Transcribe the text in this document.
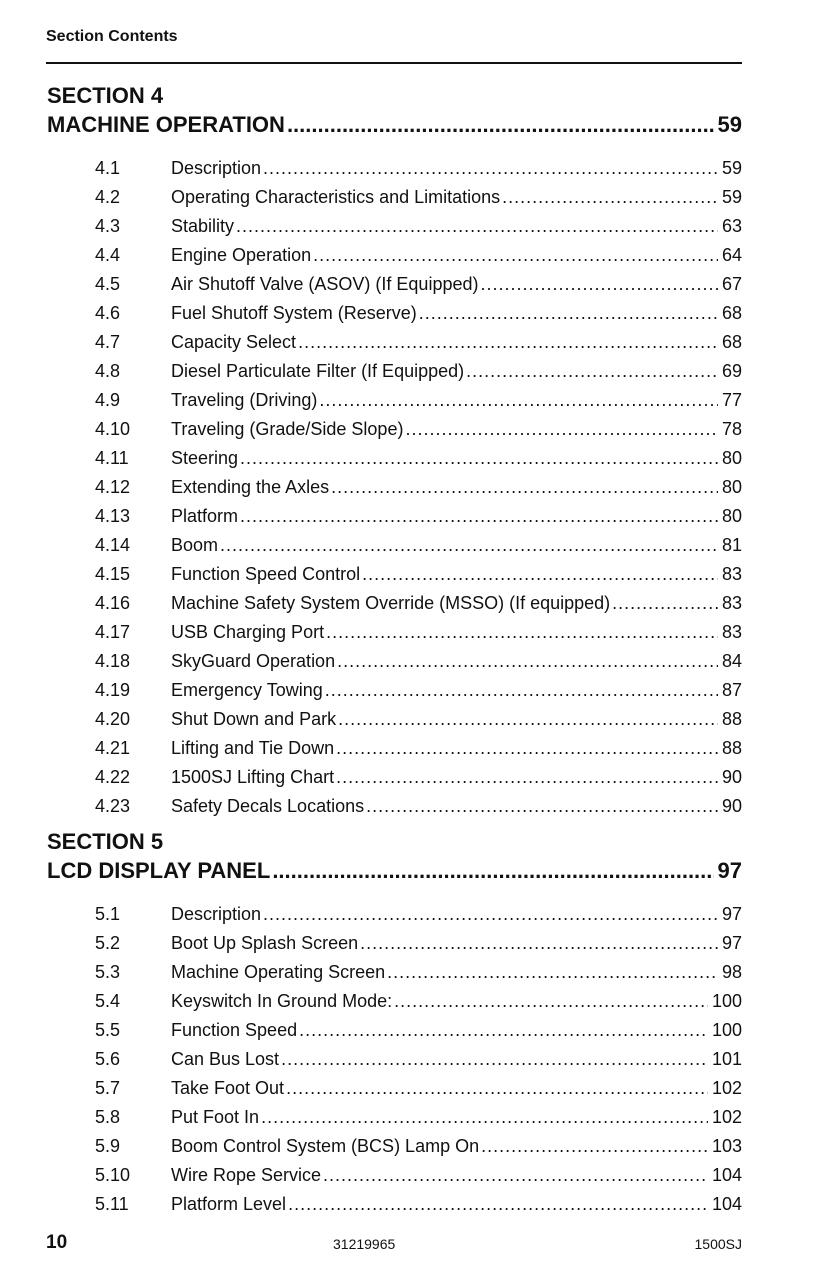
Section Contents
SECTION 4
MACHINE OPERATION .....	59
4.1	Description .....	59
4.2	Operating Characteristics and Limitations .....	59
4.3	Stability .....	63
4.4	Engine Operation .....	64
4.5	Air Shutoff Valve (ASOV) (If Equipped) .....	67
4.6	Fuel Shutoff System (Reserve) .....	68
4.7	Capacity Select .....	68
4.8	Diesel Particulate Filter (If Equipped) .....	69
4.9	Traveling (Driving) .....	77
4.10	Traveling (Grade/Side Slope) .....	78
4.11	Steering .....	80
4.12	Extending the Axles .....	80
4.13	Platform .....	80
4.14	Boom .....	81
4.15	Function Speed Control .....	83
4.16	Machine Safety System Override (MSSO) (If equipped) .....	83
4.17	USB Charging Port .....	83
4.18	SkyGuard Operation .....	84
4.19	Emergency Towing .....	87
4.20	Shut Down and Park .....	88
4.21	Lifting and Tie Down .....	88
4.22	1500SJ Lifting Chart .....	90
4.23	Safety Decals Locations .....	90
SECTION 5
LCD DISPLAY PANEL .....	97
5.1	Description .....	97
5.2	Boot Up Splash Screen .....	97
5.3	Machine Operating Screen .....	98
5.4	Keyswitch In Ground Mode: .....	100
5.5	Function Speed .....	100
5.6	Can Bus Lost .....	101
5.7	Take Foot Out .....	102
5.8	Put Foot In .....	102
5.9	Boom Control System (BCS) Lamp On .....	103
5.10	Wire Rope Service .....	104
5.11	Platform Level .....	104
10	31219965	1500SJ
